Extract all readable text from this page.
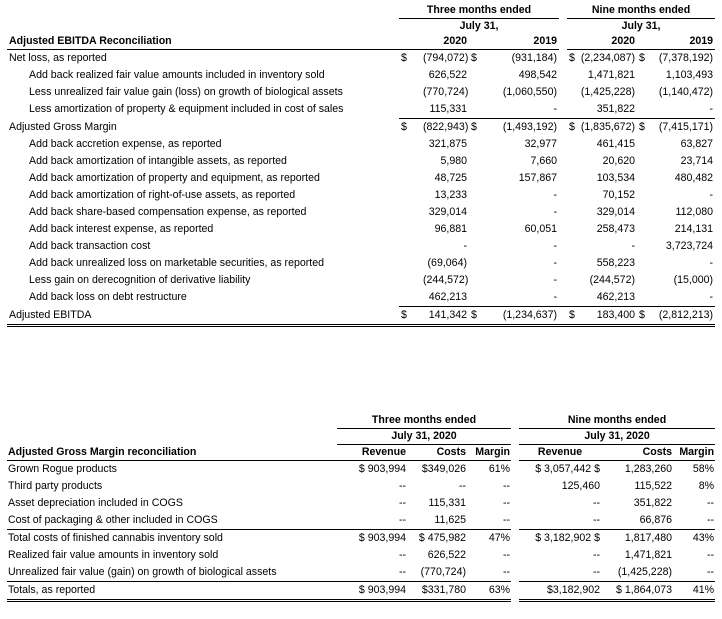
	Three months ended					Nine months ended			
	July 31,					July 31,			
Adjusted EBITDA Reconciliation	2020		2019			2020		2019	
Net loss, as reported	$	(794,072)	$	(931,184)		$	(2,234,087)	$	(7,378,192)
Add back realized fair value amounts included in inventory sold		626,522		498,542			1,471,821		1,103,493
Less unrealized fair value gain (loss) on growth of biological assets		(770,724)		(1,060,550)			(1,425,228)		(1,140,472)
Less amortization of property & equipment included in cost of sales		115,331		-			351,822		-
Adjusted Gross Margin	$	(822,943)	$	(1,493,192)		$	(1,835,672)	$	(7,415,171)
Add back accretion expense, as reported		321,875		32,977			461,415		63,827
Add back amortization of intangible assets, as reported		5,980		7,660			20,620		23,714
Add back amortization of property and equipment, as reported		48,725		157,867			103,534		480,482
Add back amortization of right-of-use assets, as reported		13,233		-			70,152		-
Add back share-based compensation expense, as reported		329,014		-			329,014		112,080
Add back interest expense, as reported		96,881		60,051			258,473		214,131
Add back transaction cost		-		-			-		3,723,724
Add back unrealized loss on marketable securities, as reported		(69,064)		-			558,223		-
Less gain on derecognition of derivative liability		(244,572)		-			(244,572)		(15,000)
Add back loss on debt restructure		462,213		-			462,213		-
Adjusted EBITDA	$	141,342	$	(1,234,637)		$	183,400	$	(2,812,213)
	Three months ended				Nine months ended		
	July 31, 2020				July 31, 2020		
Adjusted Gross Margin reconciliation	Revenue	Costs	Margin		Revenue	Costs	Margin
Grown Rogue products	$ 903,994	$349,026	61%		$ 3,057,442 $	1,283,260	58%
Third party products	--	--	--		125,460	115,522	8%
Asset depreciation included in COGS	--	115,331	--		--	351,822	--
Cost of packaging & other included in COGS	--	11,625	--		--	66,876	--
Total costs of finished cannabis inventory sold	$ 903,994	$ 475,982	47%		$ 3,182,902 $	1,817,480	43%
Realized fair value amounts in inventory sold	--	626,522	--		--	1,471,821	--
Unrealized fair value (gain) on growth of biological assets	--	(770,724)	--		--	(1,425,228)	--
Totals, as reported	$ 903,994	$331,780	63%		$3,182,902	$ 1,864,073	41%
